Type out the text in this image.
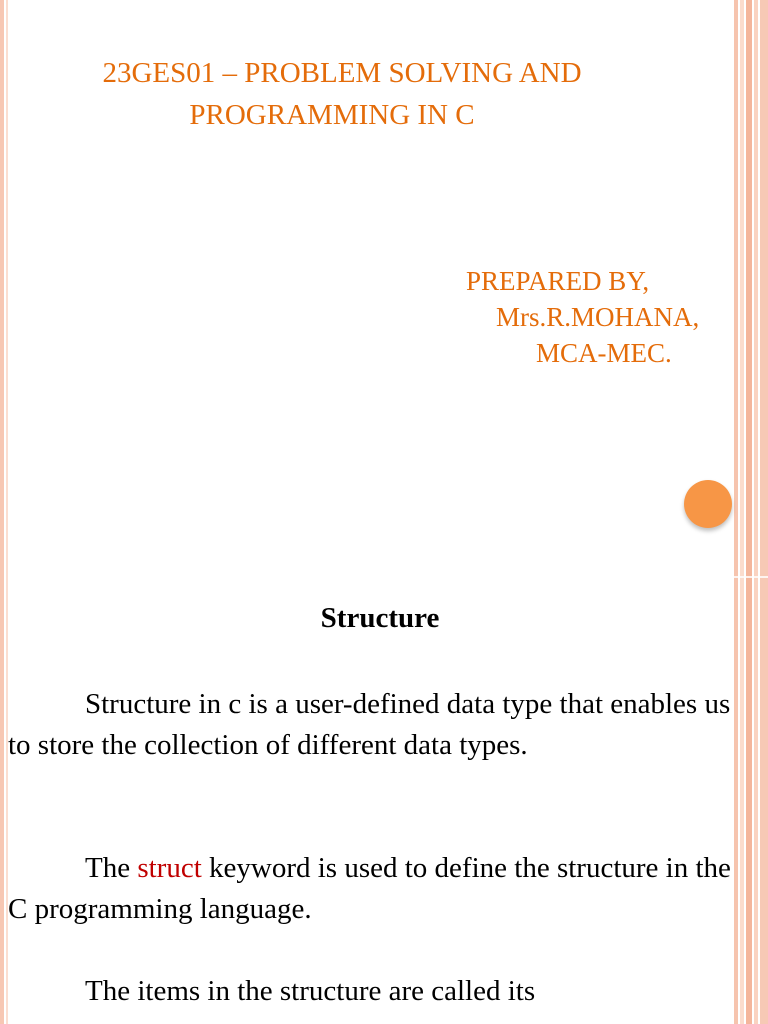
23GES01 – PROBLEM SOLVING AND
PROGRAMMING IN C
PREPARED BY,
Mrs.R.MOHANA,
MCA-MEC.
Structure
Structure in c is a user-defined data type that enables us to store the collection of different data types.
The struct keyword is used to define the structure in the C programming language.
The items in the structure are called its
